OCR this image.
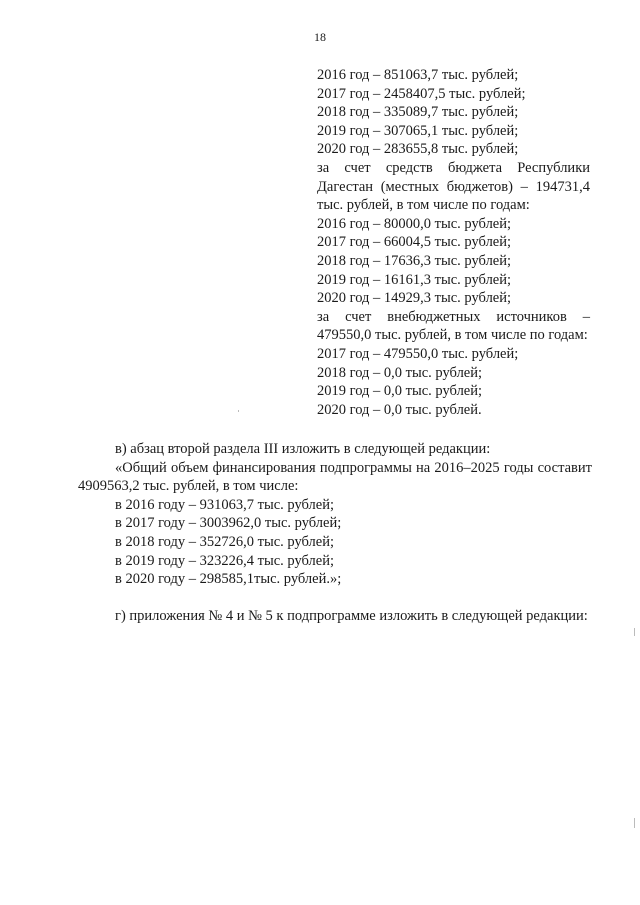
18
2016 год – 851063,7 тыс. рублей;
2017 год – 2458407,5 тыс. рублей;
2018 год – 335089,7 тыс. рублей;
2019 год – 307065,1 тыс. рублей;
2020 год – 283655,8 тыс. рублей;
за счет средств бюджета Республики Дагестан (местных бюджетов) – 194731,4 тыс. рублей, в том числе по годам:
2016 год – 80000,0 тыс. рублей;
2017 год – 66004,5 тыс. рублей;
2018 год – 17636,3 тыс. рублей;
2019 год – 16161,3 тыс. рублей;
2020 год – 14929,3 тыс. рублей;
за счет внебюджетных источников – 479550,0 тыс. рублей, в том числе по годам:
2017 год – 479550,0 тыс. рублей;
2018 год – 0,0 тыс. рублей;
2019 год – 0,0 тыс. рублей;
2020 год – 0,0 тыс. рублей.
в) абзац второй раздела III изложить в следующей редакции:
«Общий объем финансирования подпрограммы на 2016–2025 годы составит 4909563,2 тыс. рублей, в том числе:
в 2016 году – 931063,7 тыс. рублей;
в 2017 году – 3003962,0 тыс. рублей;
в 2018 году – 352726,0 тыс. рублей;
в 2019 году – 323226,4 тыс. рублей;
в 2020 году – 298585,1тыс. рублей.»;
г) приложения № 4 и № 5 к подпрограмме изложить в следующей редакции:
